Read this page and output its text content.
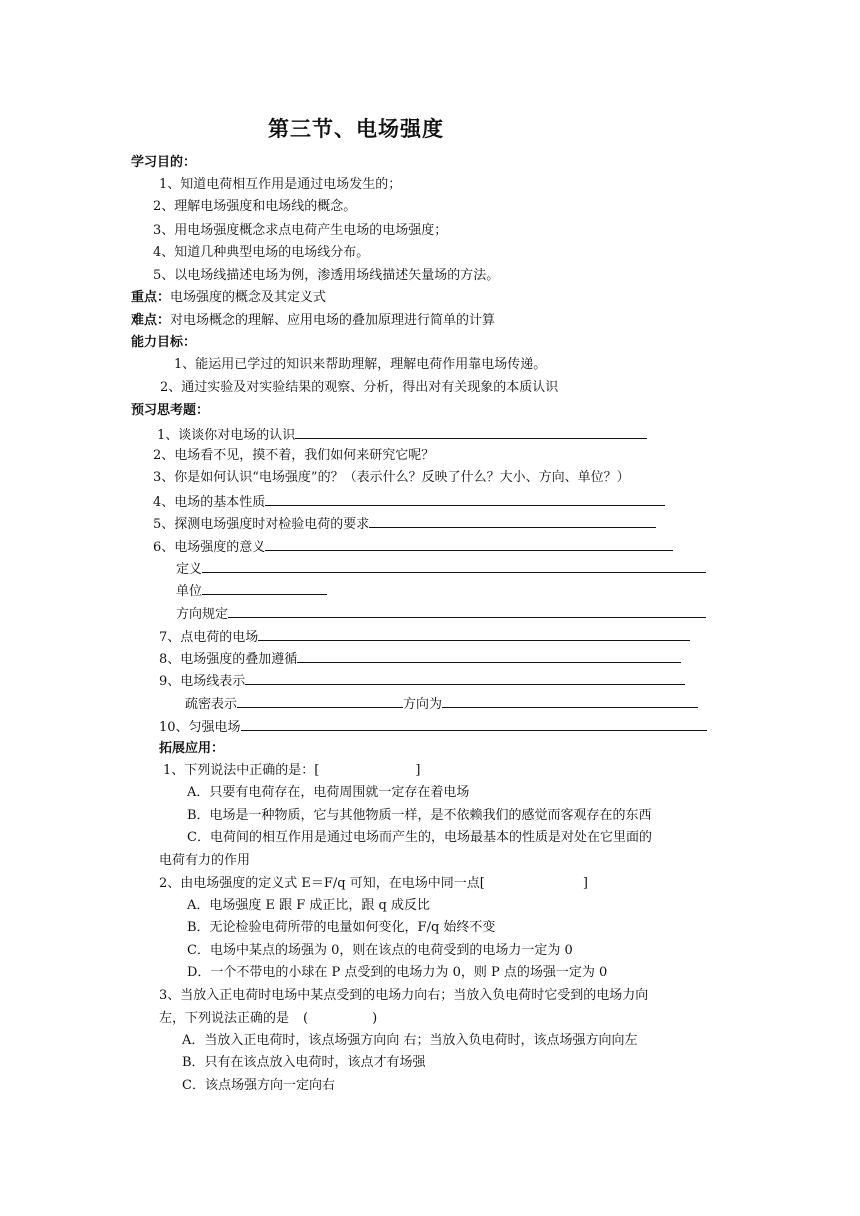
第三节、电场强度
学习目的：
1、知道电荷相互作用是通过电场发生的；
2、理解电场强度和电场线的概念。
3、用电场强度概念求点电荷产生电场的电场强度；
4、知道几种典型电场的电场线分布。
5、以电场线描述电场为例，渗透用场线描述矢量场的方法。
重点：电场强度的概念及其定义式
难点：对电场概念的理解、应用电场的叠加原理进行简单的计算
能力目标：
1、能运用已学过的知识来帮助理解，理解电荷作用靠电场传递。
2、通过实验及对实验结果的观察、分析，得出对有关现象的本质认识
预习思考题：
1、谈谈你对电场的认识
2、电场看不见，摸不着，我们如何来研究它呢？
3、你是如何认识“电场强度”的？（表示什么？反映了什么？大小、方向、单位？）
4、电场的基本性质
5、探测电场强度时对检验电荷的要求
6、电场强度的意义
定义
单位
方向规定
7、点电荷的电场
8、电场强度的叠加遵循
9、电场线表示
疏密表示	方向为
10、匀强电场
拓展应用：
1、下列说法中正确的是：[	]
A．只要有电荷存在，电荷周围就一定存在着电场
B．电场是一种物质，它与其他物质一样，是不依赖我们的感觉而客观存在的东西
C．电荷间的相互作用是通过电场而产生的，电场最基本的性质是对处在它里面的
电荷有力的作用
2、由电场强度的定义式 E＝F/q 可知，在电场中同一点[	]
A．电场强度 E 跟 F 成正比，跟 q 成反比
B．无论检验电荷所带的电量如何变化，F/q 始终不变
C．电场中某点的场强为 0，则在该点的电荷受到的电场力一定为 0
D．一个不带电的小球在 P 点受到的电场力为 0，则 P 点的场强一定为 0
3、当放入正电荷时电场中某点受到的电场力向右；当放入负电荷时它受到的电场力向
左，下列说法正确的是 (	)
A．当放入正电荷时，该点场强方向向 右；当放入负电荷时，该点场强方向向左
B．只有在该点放入电荷时，该点才有场强
C．该点场强方向一定向右
